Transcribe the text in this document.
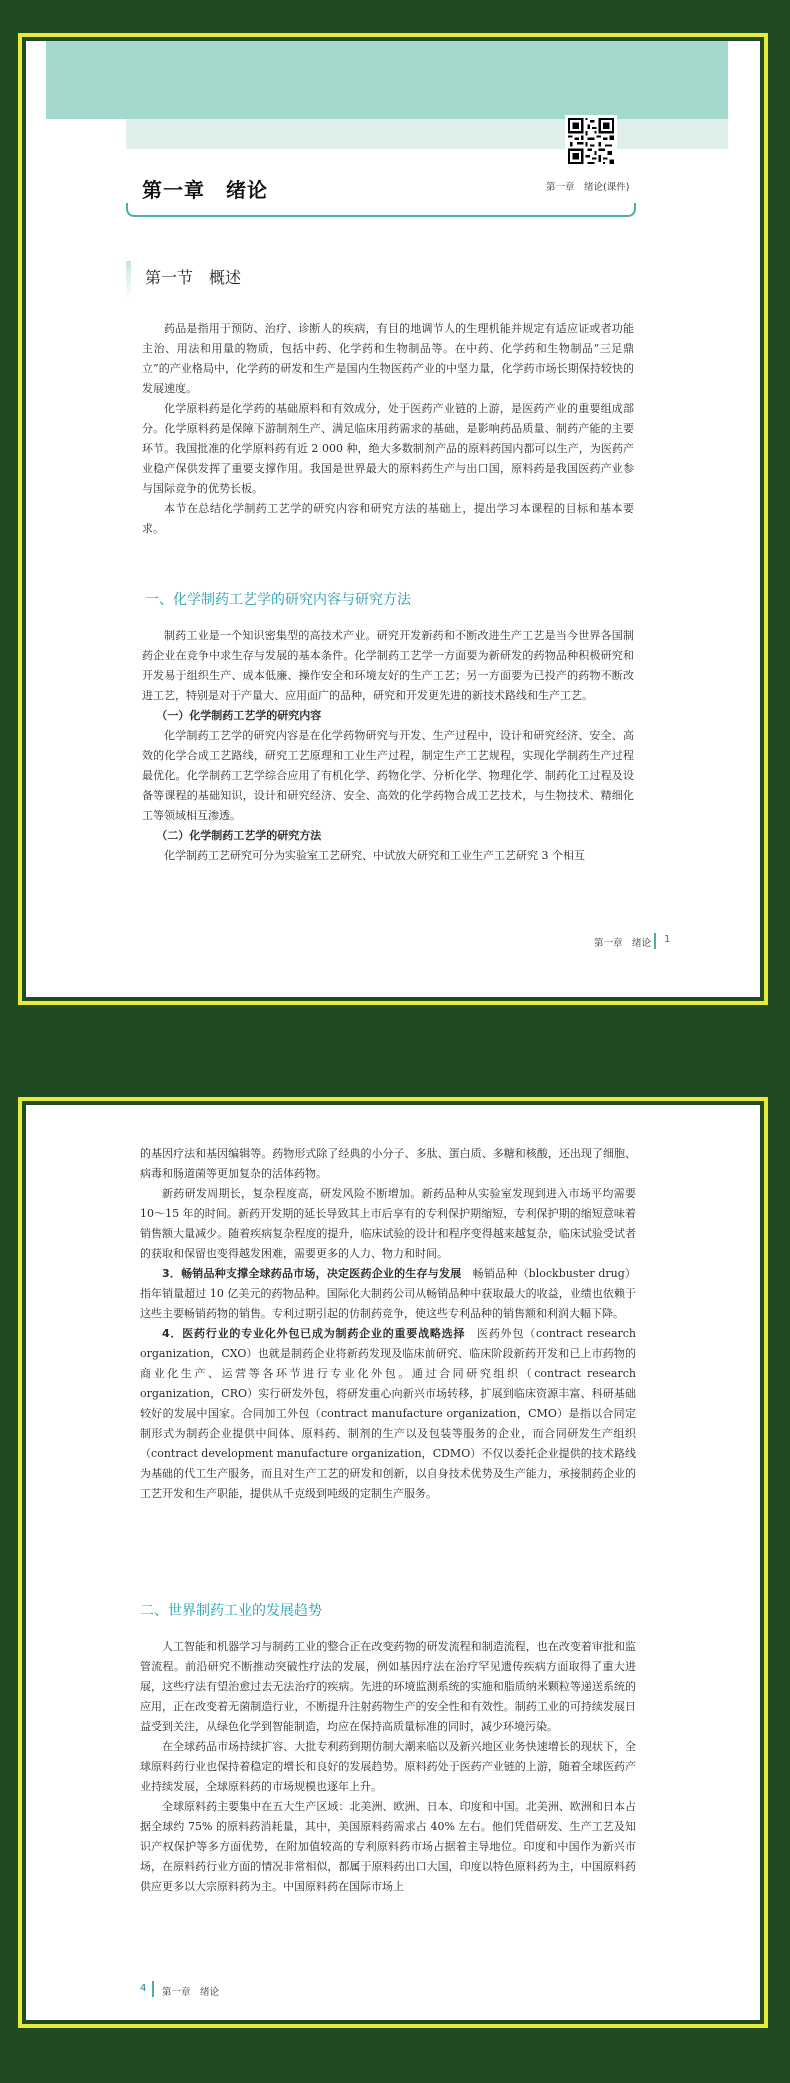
第一章　绪论(课件)
第一章　绪论
第一节　概述

药品是指用于预防、治疗、诊断人的疾病，有目的地调节人的生理机能并规定有适应证或者功能主治、用法和用量的物质，包括中药、化学药和生物制品等。在中药、化学药和生物制品“三足鼎立”的产业格局中，化学药的研发和生产是国内生物医药产业的中坚力量，化学药市场长期保持较快的发展速度。

化学原料药是化学药的基础原料和有效成分，处于医药产业链的上游，是医药产业的重要组成部分。化学原料药是保障下游制剂生产、满足临床用药需求的基础，是影响药品质量、制药产能的主要环节。我国批准的化学原料药有近 2 000 种，绝大多数制剂产品的原料药国内都可以生产，为医药产业稳产保供发挥了重要支撑作用。我国是世界最大的原料药生产与出口国，原料药是我国医药产业参与国际竞争的优势长板。

本节在总结化学制药工艺学的研究内容和研究方法的基础上，提出学习本课程的目标和基本要求。

一、化学制药工艺学的研究内容与研究方法

制药工业是一个知识密集型的高技术产业。研究开发新药和不断改进生产工艺是当今世界各国制药企业在竞争中求生存与发展的基本条件。化学制药工艺学一方面要为新研发的药物品种积极研究和开发易于组织生产、成本低廉、操作安全和环境友好的生产工艺；另一方面要为已投产的药物不断改进工艺，特别是对于产量大、应用面广的品种，研究和开发更先进的新技术路线和生产工艺。

（一）化学制药工艺学的研究内容

化学制药工艺学的研究内容是在化学药物研究与开发、生产过程中，设计和研究经济、安全、高效的化学合成工艺路线，研究工艺原理和工业生产过程，制定生产工艺规程，实现化学制药生产过程最优化。化学制药工艺学综合应用了有机化学、药物化学、分析化学、物理化学、制药化工过程及设备等课程的基础知识，设计和研究经济、安全、高效的化学药物合成工艺技术，与生物技术、精细化工等领域相互渗透。

（二）化学制药工艺学的研究方法

化学制药工艺研究可分为实验室工艺研究、中试放大研究和工业生产工艺研究 3 个相互

第一章　绪论 1

的基因疗法和基因编辑等。药物形式除了经典的小分子、多肽、蛋白质、多糖和核酸，还出现了细胞、病毒和肠道菌等更加复杂的活体药物。

新药研发周期长，复杂程度高，研发风险不断增加。新药品种从实验室发现到进入市场平均需要 10～15 年的时间。新药开发期的延长导致其上市后享有的专利保护期缩短，专利保护期的缩短意味着销售额大量减少。随着疾病复杂程度的提升，临床试验的设计和程序变得越来越复杂，临床试验受试者的获取和保留也变得越发困难，需要更多的人力、物力和时间。

3．畅销品种支撑全球药品市场，决定医药企业的生存与发展　畅销品种（blockbuster drug）指年销量超过 10 亿美元的药物品种。国际化大制药公司从畅销品种中获取最大的收益，业绩也依赖于这些主要畅销药物的销售。专利过期引起的仿制药竞争，使这些专利品种的销售额和利润大幅下降。

4．医药行业的专业化外包已成为制药企业的重要战略选择　医药外包（contract research organization，CXO）也就是制药企业将新药发现及临床前研究、临床阶段新药开发和已上市药物的商业化生产、运营等各环节进行专业化外包。通过合同研究组织（contract research organization，CRO）实行研发外包，将研发重心向新兴市场转移，扩展到临床资源丰富、科研基础较好的发展中国家。合同加工外包（contract manufacture organization，CMO）是指以合同定制形式为制药企业提供中间体、原料药、制剂的生产以及包装等服务的企业，而合同研发生产组织（contract development manufacture organization，CDMO）不仅以委托企业提供的技术路线为基础的代工生产服务，而且对生产工艺的研发和创新，以自身技术优势及生产能力，承接制药企业的工艺开发和生产职能，提供从千克级到吨级的定制生产服务。

二、世界制药工业的发展趋势

人工智能和机器学习与制药工业的整合正在改变药物的研发流程和制造流程，也在改变着审批和监管流程。前沿研究不断推动突破性疗法的发展，例如基因疗法在治疗罕见遗传疾病方面取得了重大进展，这些疗法有望治愈过去无法治疗的疾病。先进的环境监测系统的实施和脂质纳米颗粒等递送系统的应用，正在改变着无菌制造行业，不断提升注射药物生产的安全性和有效性。制药工业的可持续发展日益受到关注，从绿色化学到智能制造，均应在保持高质量标准的同时，减少环境污染。

在全球药品市场持续扩容、大批专利药到期仿制大潮来临以及新兴地区业务快速增长的现状下，全球原料药行业也保持着稳定的增长和良好的发展趋势。原料药处于医药产业链的上游，随着全球医药产业持续发展，全球原料药的市场规模也逐年上升。

全球原料药主要集中在五大生产区域：北美洲、欧洲、日本、印度和中国。北美洲、欧洲和日本占据全球约 75% 的原料药消耗量，其中，美国原料药需求占 40% 左右。他们凭借研发、生产工艺及知识产权保护等多方面优势，在附加值较高的专利原料药市场占据着主导地位。印度和中国作为新兴市场，在原料药行业方面的情况非常相似，都属于原料药出口大国，印度以特色原料药为主，中国原料药供应更多以大宗原料药为主。中国原料药在国际市场上

4 第一章　绪论
